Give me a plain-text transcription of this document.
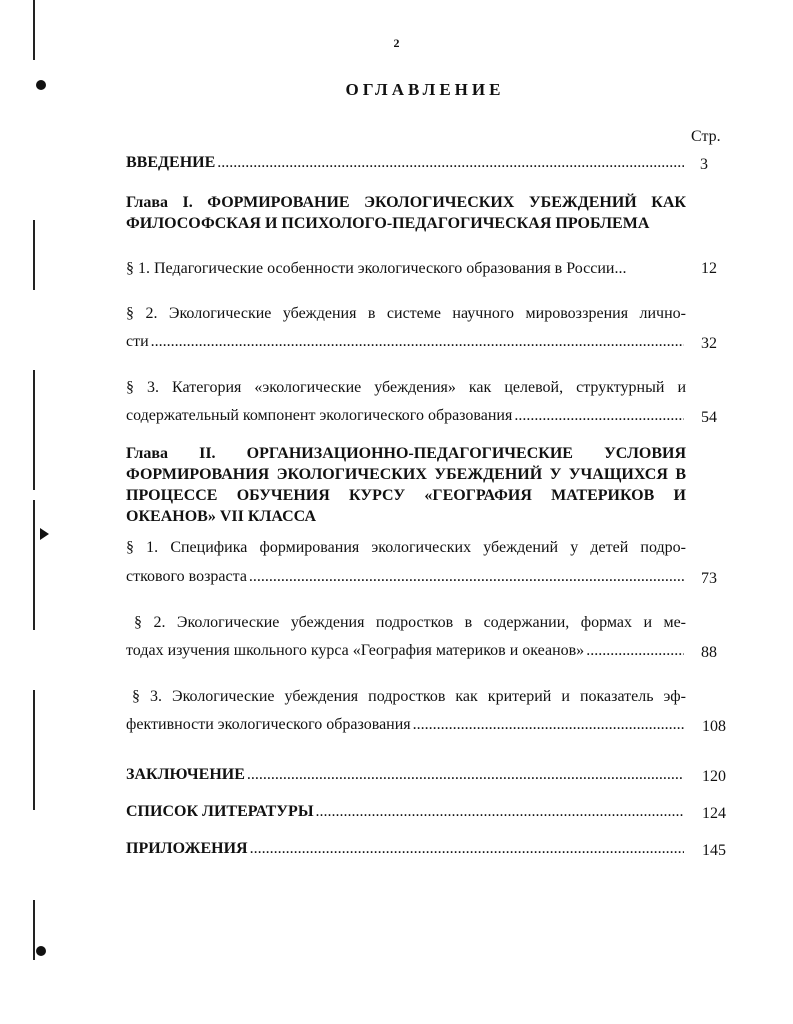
2
ОГЛАВЛЕНИЕ
Стр.
ВВЕДЕНИЕ .....	3
Глава I. ФОРМИРОВАНИЕ ЭКОЛОГИЧЕСКИХ УБЕЖДЕНИЙ КАК ФИЛОСОФСКАЯ И ПСИХОЛОГО-ПЕДАГОГИЧЕСКАЯ ПРОБЛЕМА
§ 1. Педагогические особенности экологического образования в России...	12
§ 2. Экологические убеждения в системе научного мировоззрения лично-
сти .....	32
§ 3. Категория «экологические убеждения» как целевой, структурный и
содержательный компонент экологического образования .....	54
Глава II. ОРГАНИЗАЦИОННО-ПЕДАГОГИЧЕСКИЕ УСЛОВИЯ ФОРМИРОВАНИЯ ЭКОЛОГИЧЕСКИХ УБЕЖДЕНИЙ У УЧАЩИХСЯ В ПРОЦЕССЕ ОБУЧЕНИЯ КУРСУ «ГЕОГРАФИЯ МАТЕРИКОВ И ОКЕАНОВ» VII КЛАССА
§ 1. Специфика формирования экологических убеждений у детей подро-
сткового возраста .....	73
§ 2. Экологические убеждения подростков в содержании, формах и ме-
тодах изучения школьного курса «География материков и океанов» .....	88
§ 3. Экологические убеждения подростков как критерий и показатель эф-
фективности экологического образования .....	108
ЗАКЛЮЧЕНИЕ .....	120
СПИСОК ЛИТЕРАТУРЫ .....	124
ПРИЛОЖЕНИЯ .....	145
